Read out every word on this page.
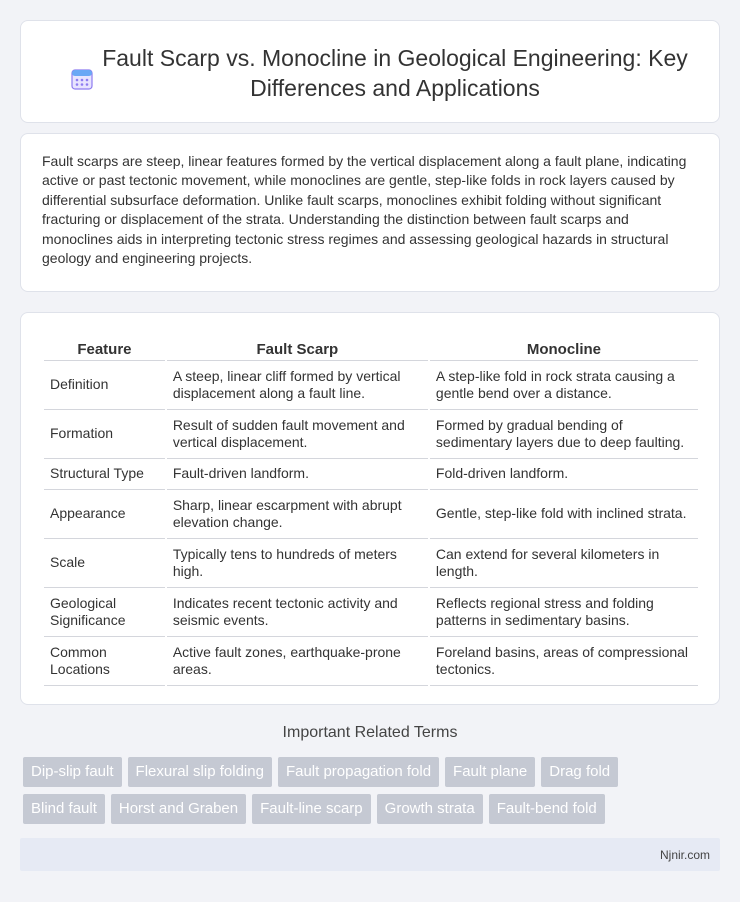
Fault Scarp vs. Monocline in Geological Engineering: Key Differences and Applications

Fault scarps are steep, linear features formed by the vertical displacement along a fault plane, indicating active or past tectonic movement, while monoclines are gentle, step-like folds in rock layers caused by differential subsurface deformation. Unlike fault scarps, monoclines exhibit folding without significant fracturing or displacement of the strata. Understanding the distinction between fault scarps and monoclines aids in interpreting tectonic stress regimes and assessing geological hazards in structural geology and engineering projects.

Feature	Fault Scarp	Monocline
Definition	A steep, linear cliff formed by vertical displacement along a fault line.	A step-like fold in rock strata causing a gentle bend over a distance.
Formation	Result of sudden fault movement and vertical displacement.	Formed by gradual bending of sedimentary layers due to deep faulting.
Structural Type	Fault-driven landform.	Fold-driven landform.
Appearance	Sharp, linear escarpment with abrupt elevation change.	Gentle, step-like fold with inclined strata.
Scale	Typically tens to hundreds of meters high.	Can extend for several kilometers in length.
Geological Significance	Indicates recent tectonic activity and seismic events.	Reflects regional stress and folding patterns in sedimentary basins.
Common Locations	Active fault zones, earthquake-prone areas.	Foreland basins, areas of compressional tectonics.
Important Related Terms
Dip-slip fault	Flexural slip folding	Fault propagation fold	Fault plane	Drag fold
Blind fault	Horst and Graben	Fault-line scarp	Growth strata	Fault-bend fold
Njnir.com
